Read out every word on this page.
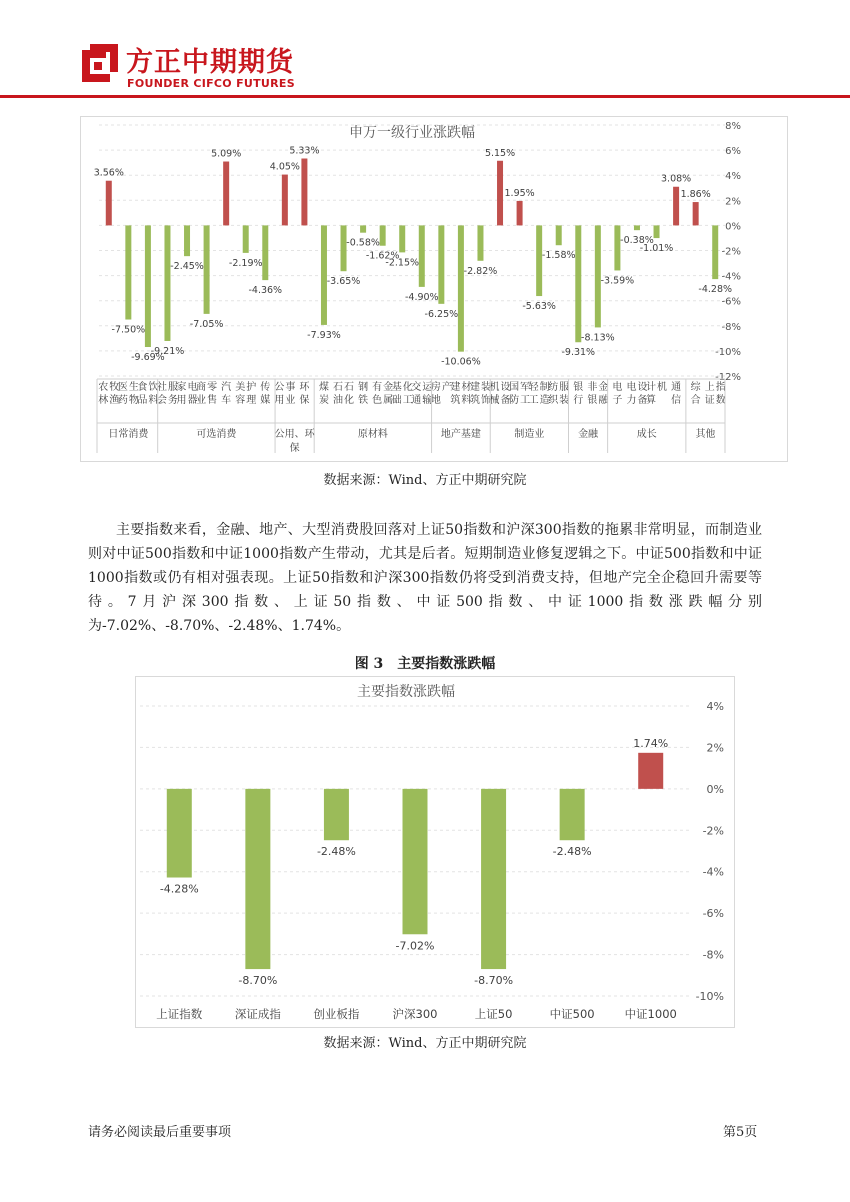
方正中期期货
FOUNDER CIFCO FUTURES
8%
6%
4%
2%
0%
-2%
-4%
-6%
-8%
-10%
-12%
申万一级行业涨跌幅
3.56%
农
林
牧
渔
-7.50%
医
药
生
物
-9.69%
食
品
饮
料
-9.21%
社
会
服
务
-2.45%
家
用
电
器
-7.05%
商
业
零
售
5.09%
汽
车
-2.19%
美
容
护
理
-4.36%
传
媒
4.05%
公
用
事
业
5.33%
环
保
-7.93%
煤
炭
-3.65%
石
油
石
化
-0.58%
钢
铁
-1.62%
有
色
金
属
-2.15%
基
础
化
工
-4.90%
交
通
运
输
-6.25%
房
地
产
-10.06%
建
筑
材
料
-2.82%
建
筑
装
饰
5.15%
机
械
设
备
1.95%
国
防
军
工
-5.63%
轻
工
制
造
-1.58%
纺
织
服
装
-9.31%
银
行
-8.13%
非
银
金
融
-3.59%
电
子
-0.38%
电
力
设
备
-1.01%
计
算
机
3.08%
通
信
1.86%
综
合
-4.28%
上
证
指
数
日常消费	可选消费	公用、环
保
原材料	地产基建	制造业	金融	成长	其他
数据来源：Wind、方正中期研究院

主要指数来看，金融、地产、大型消费股回落对上证50指数和沪深300指数的拖累非常明显，而制造业则对中证500指数和中证1000指数产生带动，尤其是后者。短期制造业修复逻辑之下。中证500指数和中证1000指数或仍有相对强表现。上证50指数和沪深300指数仍将受到消费支持，但地产完全企稳回升需要等待。7月沪深300指数、上证50指数、中证500指数、中证1000指数涨跌幅分别为-7.02%、-8.70%、-2.48%、1.74%。

图 3　主要指数涨跌幅
主要指数涨跌幅
4%
2%
0%
-2%
-4%
-6%
-8%
-10%
-4.28%
上证指数
-8.70%
深证成指
-2.48%
创业板指
-7.02%
沪深300
-8.70%
上证50
-2.48%
中证500
1.74%
中证1000
数据来源：Wind、方正中期研究院
请务必阅读最后重要事项	第5页
